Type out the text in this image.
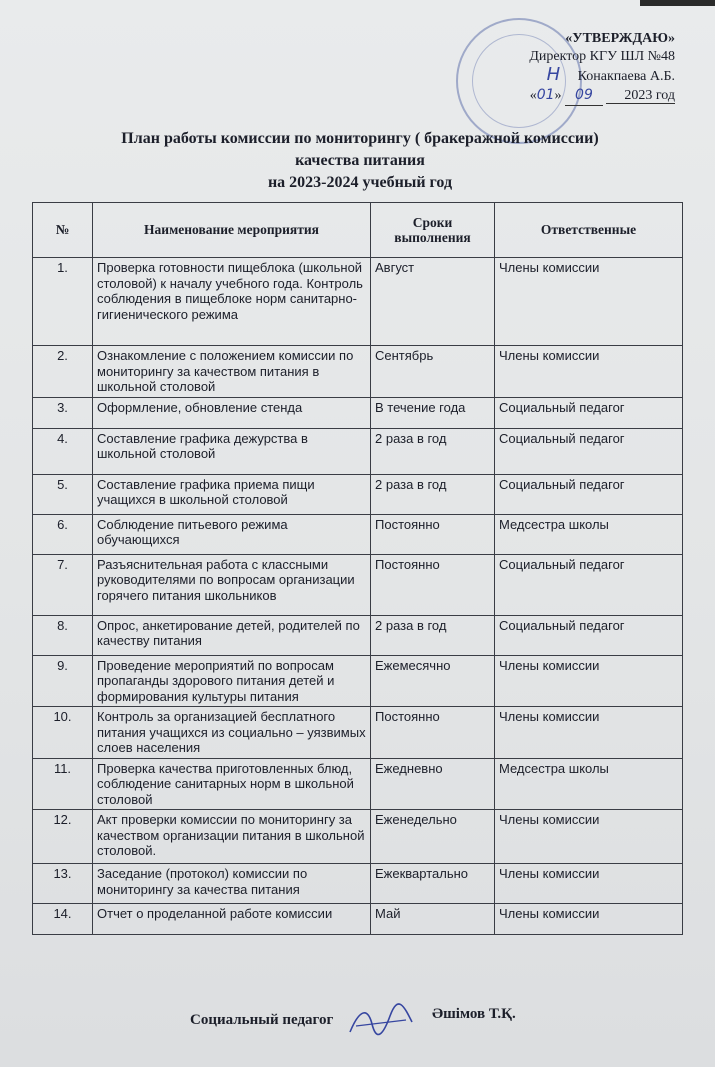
«УТВЕРЖДАЮ»
Директор КГУ ШЛ №48
Н Конакпаева А.Б.
«01» 09 2023 год
План работы комиссии по мониторингу ( бракеражной комиссии)
качества питания
на 2023-2024 учебный год
№	Наименование мероприятия	Сроки выполнения	Ответственные
1.	Проверка готовности пищеблока (школьной столовой) к началу учебного года. Контроль соблюдения в пищеблоке норм санитарно-гигиенического режима	Август	Члены комиссии
2.	Ознакомление с положением комиссии по мониторингу за качеством питания в школьной столовой	Сентябрь	Члены комиссии
3.	Оформление, обновление стенда	В течение года	Социальный педагог
4.	Составление графика дежурства в школьной столовой	2 раза в год	Социальный педагог
5.	Составление графика приема пищи учащихся в школьной столовой	2 раза в год	Социальный педагог
6.	Соблюдение питьевого режима обучающихся	Постоянно	Медсестра школы
7.	Разъяснительная работа с классными руководителями по вопросам организации горячего питания школьников	Постоянно	Социальный педагог
8.	Опрос, анкетирование детей, родителей по качеству питания	2 раза в год	Социальный педагог
9.	Проведение мероприятий по вопросам пропаганды здорового питания детей и формирования культуры питания	Ежемесячно	Члены комиссии
10.	Контроль за организацией бесплатного питания учащихся из социально – уязвимых слоев населения	Постоянно	Члены комиссии
11.	Проверка качества приготовленных блюд, соблюдение санитарных норм в школьной столовой	Ежедневно	Медсестра школы
12.	Акт проверки комиссии по мониторингу за качеством организации питания в школьной столовой.	Еженедельно	Члены комиссии
13.	Заседание (протокол) комиссии по мониторингу за качества питания	Ежеквартально	Члены комиссии
14.	Отчет о проделанной работе комиссии	Май	Члены комиссии
Социальный педагог	Әшімов Т.Қ.
